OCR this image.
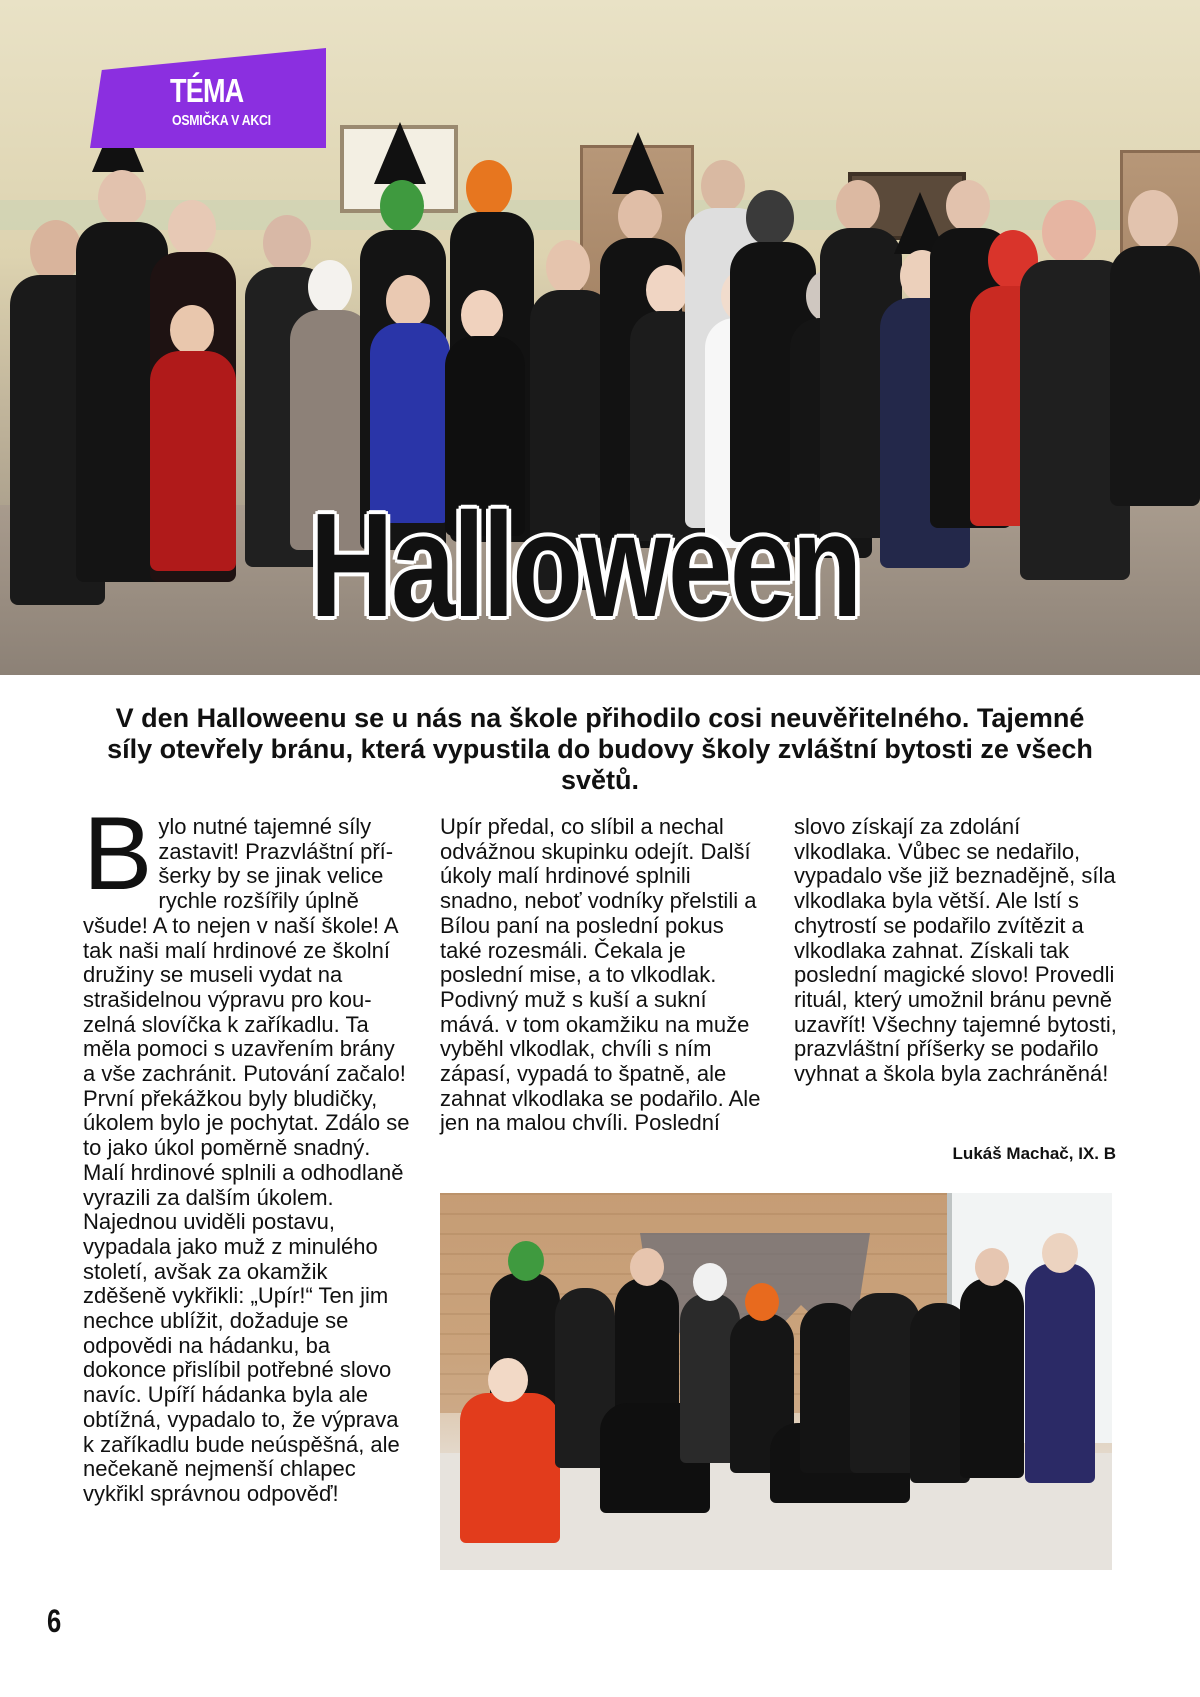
TÉMA
OSMIČKA V AKCI
Halloween
V den Halloweenu se u nás na škole přihodilo cosi neuvěřitelného. Tajemné síly otevřely bránu, která vypustila do budovy školy zvláštní bytosti ze všech světů.
B ylo nutné tajemné síly zastavit! Prazvláštní příšerky by se jinak velice rychle rozšířily úplně všude! A to nejen v naší škole! A tak naši malí hrdinové ze školní družiny se museli vydat na strašidelnou výpravu pro kouzelná slovíčka k zaříkadlu. Ta měla pomoci s uzavřením brány a vše zachránit. Putování začalo! První překážkou byly bludičky, úkolem bylo je pochytat. Zdálo se to jako úkol poměrně snadný. Malí hrdinové splnili a odhodlaně vyrazili za dalším úkolem. Najednou uviděli postavu, vypadala jako muž z minulého století, avšak za okamžik zděšeně vykřikli: „Upír!“ Ten jim nechce ublížit, dožaduje se odpovědi na hádanku, ba dokonce přislíbil potřebné slovo navíc. Upíří hádanka byla ale obtížná, vypadalo to, že výprava k zaříkadlu bude neúspěšná, ale nečekaně nejmenší chlapec vykřikl správnou odpověď!

Upír předal, co slíbil a nechal odvážnou skupinku odejít. Další úkoly malí hrdinové splnili snadno, neboť vodníky přelstili a Bílou paní na poslední pokus také rozesmáli. Čekala je poslední mise, a to vlkodlak. Podivný muž s kuší a sukní mává. v tom okamžiku na muže vyběhl vlkodlak, chvíli s ním zápasí, vypadá to špatně, ale zahnat vlkodlaka se podařilo. Ale jen na malou chvíli. Poslední

slovo získají za zdolání vlkodlaka. Vůbec se nedařilo, vypadalo vše již beznadějně, síla vlkodlaka byla větší. Ale lstí s chytrostí se podařilo zvítězit a vlkodlaka zahnat. Získali tak poslední magické slovo! Provedli rituál, který umožnil bránu pevně uzavřít! Všechny tajemné bytosti, prazvláštní příšerky se podařilo vyhnat a škola byla zachráněná!

Lukáš Machač, IX. B
6
